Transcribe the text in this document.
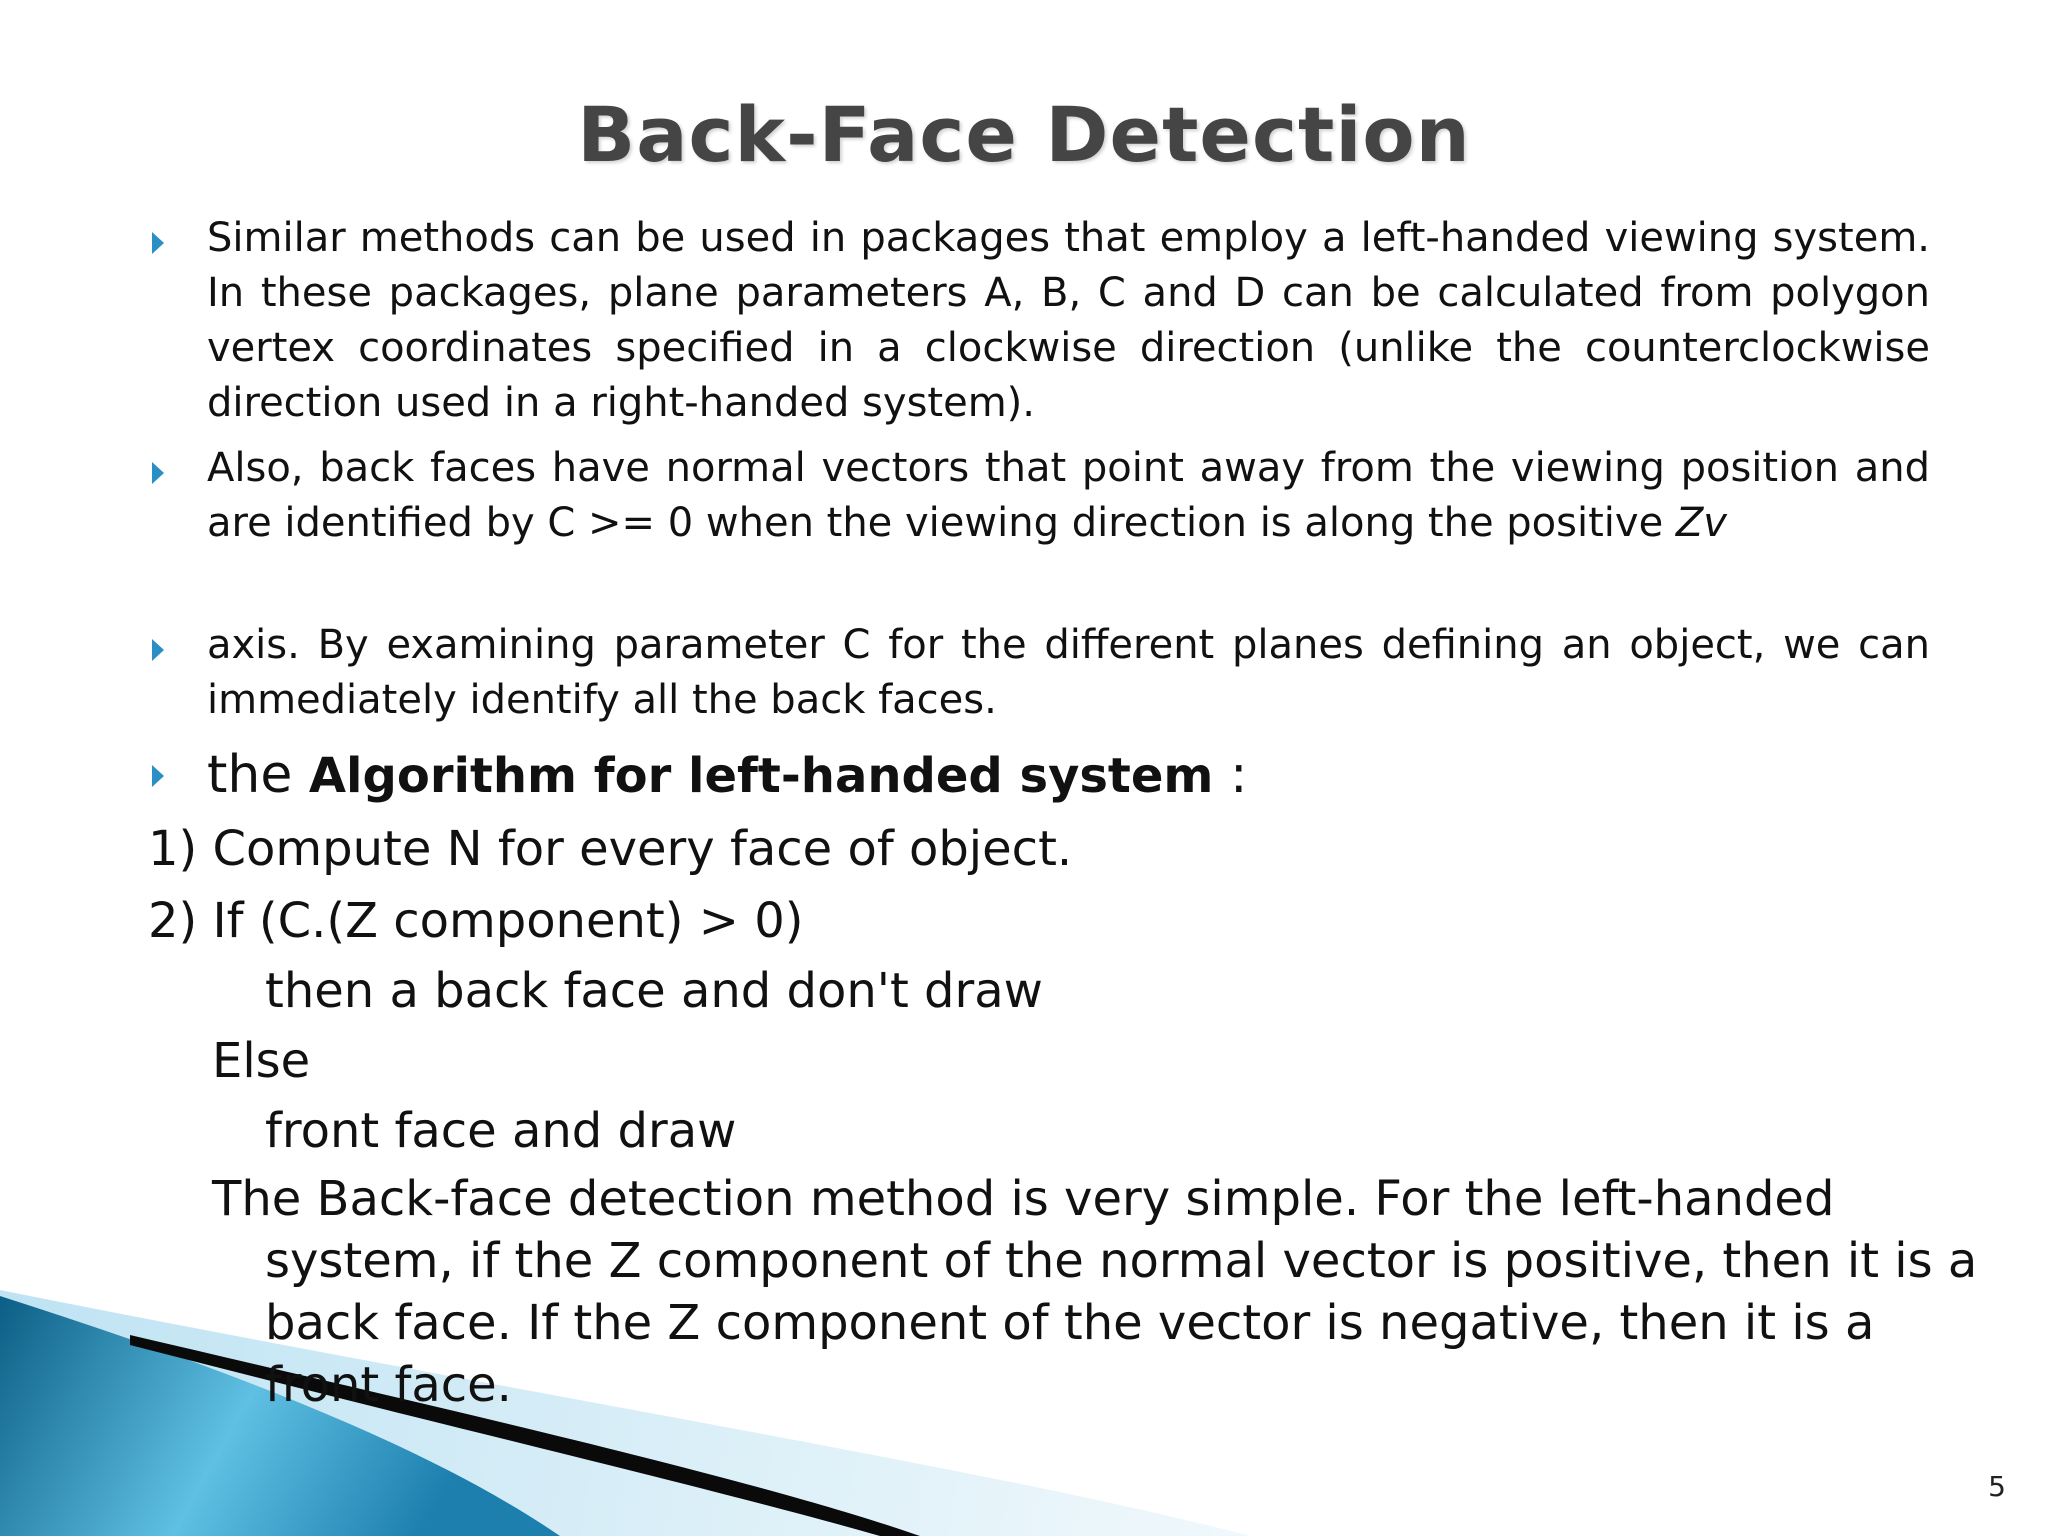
Back-Face Detection

Similar methods can be used in packages that employ a left-handed viewing system. In these packages, plane parameters A, B, C and D can be calculated from polygon vertex coordinates specified in a clockwise direction (unlike the counterclockwise direction used in a right-handed system).

Also, back faces have normal vectors that point away from the viewing position and are identified by C >= 0 when the viewing direction is along the positive Zv

axis. By examining parameter C for the different planes defining an object, we can immediately identify all the back faces.

the Algorithm for left-handed system :

1) Compute N for every face of object.

2) If (C.(Z component) > 0)

then a back face and don't draw

Else

front face and draw

The Back-face detection method is very simple. For the left-handed system, if the Z component of the normal vector is positive, then it is a back face. If the Z component of the vector is negative, then it is a front face.

5
